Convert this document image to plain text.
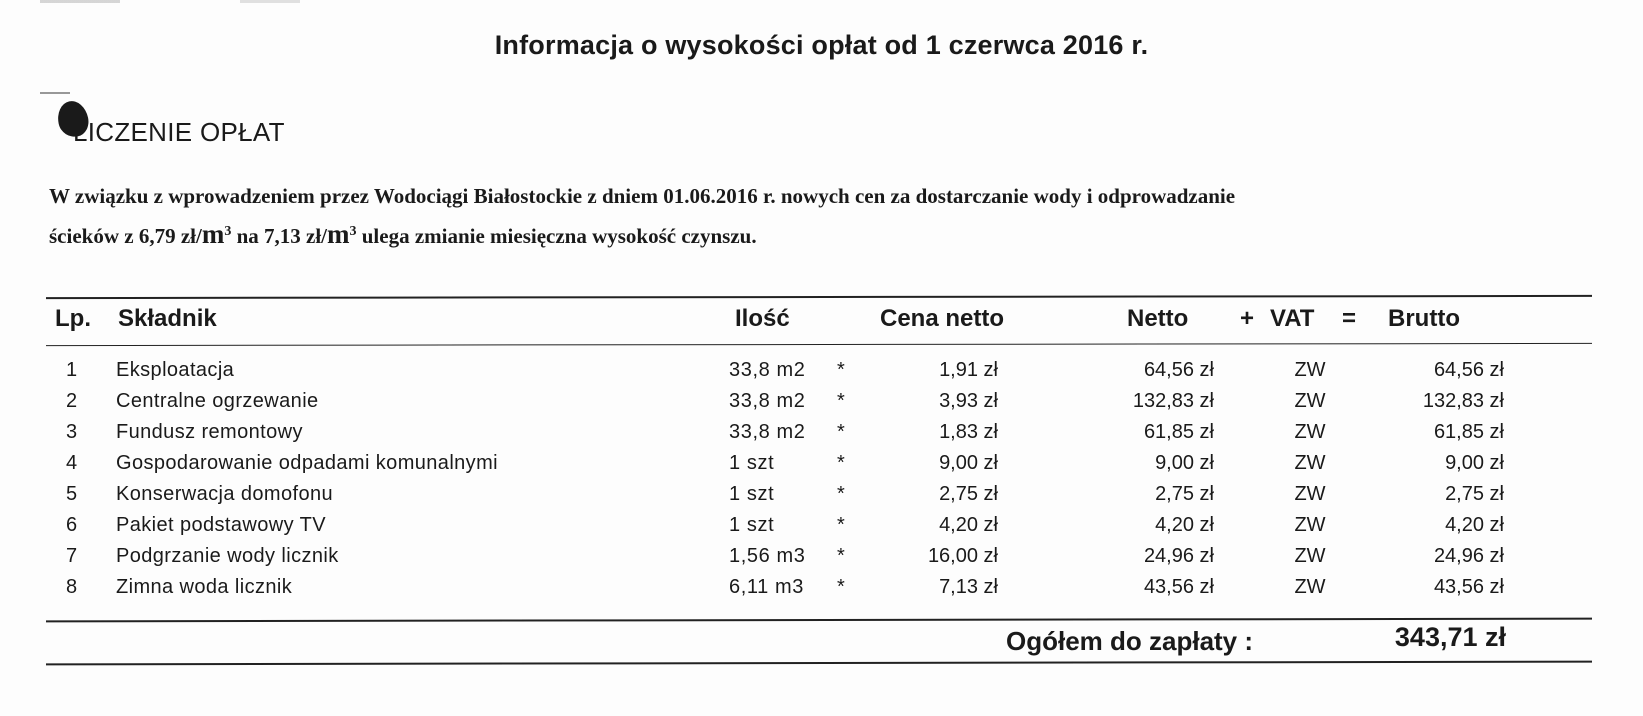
Informacja o wysokości opłat od 1 czerwca 2016 r.
LICZENIE OPŁAT
W związku z wprowadzeniem przez Wodociągi Białostockie z dniem 01.06.2016 r. nowych cen za dostarczanie wody i odprowadzanie
ścieków z 6,79 $zł/m^3$ na 7,13 $zł/m^3$ ulega zmianie miesięczna wysokość czynszu.
Lp. Składnik	Ilość	Cena netto	Netto + VAT = Brutto
1 Eksploatacja	33,8 m2 *	1,91 zł	64,56 zł	ZW	64,56 zł
2 Centralne ogrzewanie	33,8 m2 *	3,93 zł	132,83 zł	ZW	132,83 zł
3 Fundusz remontowy	33,8 m2 *	1,83 zł	61,85 zł	ZW	61,85 zł
4 Gospodarowanie odpadami komunalnymi	1 szt	*	9,00 zł	9,00 zł	ZW	9,00 zł
5 Konserwacja domofonu	1 szt	*	2,75 zł	2,75 zł	ZW	2,75 zł
6 Pakiet podstawowy TV	1 szt	*	4,20 zł	4,20 zł	ZW	4,20 zł
7 Podgrzanie wody licznik	1,56 m3 *	16,00 zł	24,96 zł	ZW	24,96 zł
8 Zimna woda licznik	6,11 m3 *	7,13 zł	43,56 zł	ZW	43,56 zł
Ogółem do zapłaty :	343,71 zł
